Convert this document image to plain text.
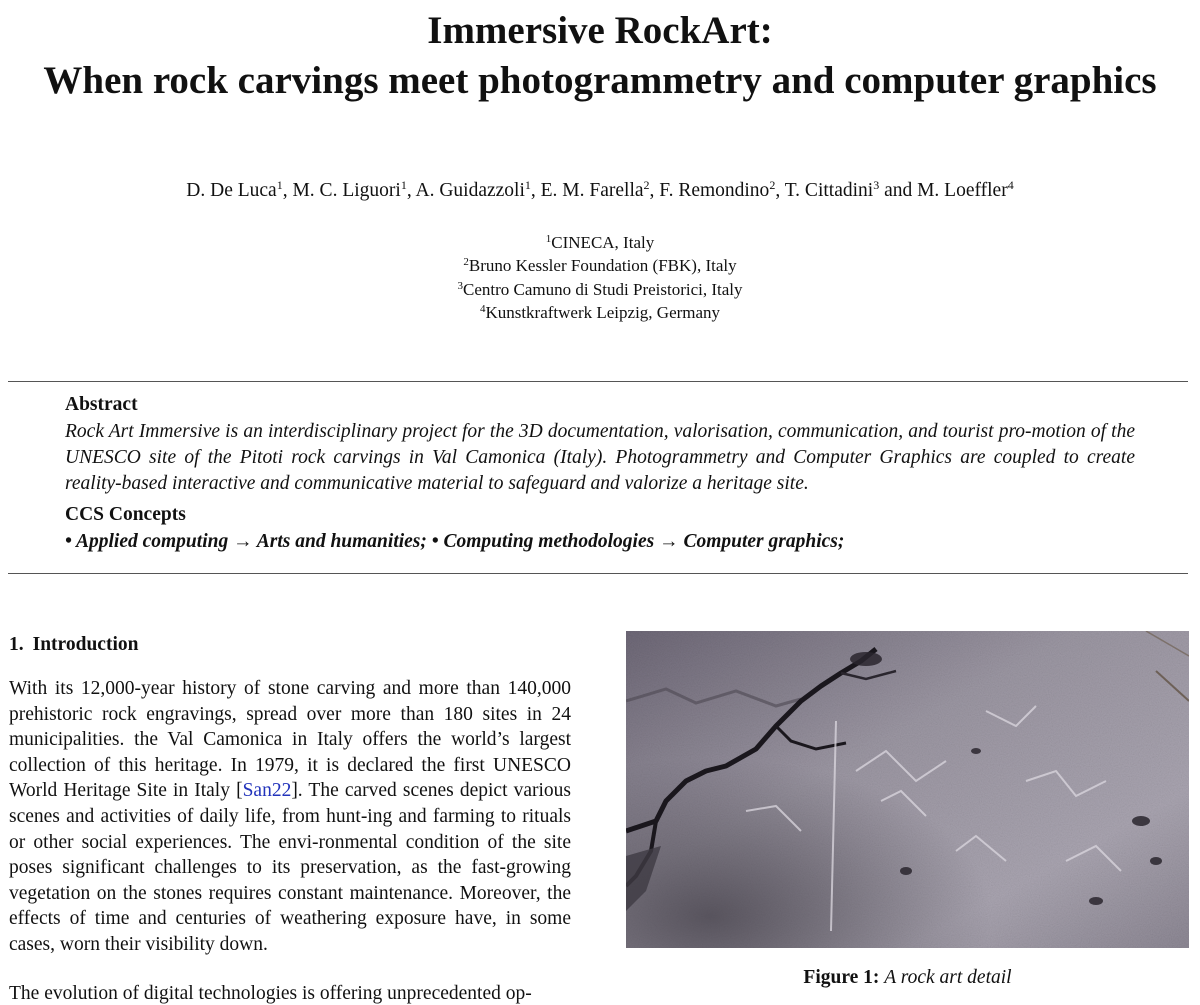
Immersive RockArt:
When rock carvings meet photogrammetry and computer graphics
D. De Luca$^1$, M. C. Liguori$^1$, A. Guidazzoli$^1$, E. M. Farella$^2$, F. Remondino$^2$, T. Cittadini$^3$ and M. Loeffler$^4$
$^1$CINECA, Italy
$^2$Bruno Kessler Foundation (FBK), Italy
$^3$Centro Camuno di Studi Preistorici, Italy
$^4$Kunstkraftwerk Leipzig, Germany
Abstract

Rock Art Immersive is an interdisciplinary project for the 3D documentation, valorisation, communication, and tourist pro-motion of the UNESCO site of the Pitoti rock carvings in Val Camonica (Italy). Photogrammetry and Computer Graphics are coupled to create reality-based interactive and communicative material to safeguard and valorize a heritage site.

CCS Concepts
• Applied computing → Arts and humanities; • Computing methodologies → Computer graphics;
1. Introduction

With its 12,000-year history of stone carving and more than 140,000 prehistoric rock engravings, spread over more than 180 sites in 24 municipalities. the Val Camonica in Italy offers the world’s largest collection of this heritage. In 1979, it is declared the first UNESCO World Heritage Site in Italy [San22]. The carved scenes depict various scenes and activities of daily life, from hunt-ing and farming to rituals or other social experiences. The envi-ronmental condition of the site poses significant challenges to its preservation, as the fast-growing vegetation on the stones requires constant maintenance. Moreover, the effects of time and centuries of weathering exposure have, in some cases, worn their visibility down.

The evolution of digital technologies is offering unprecedented op-
Figure 1: A rock art detail
